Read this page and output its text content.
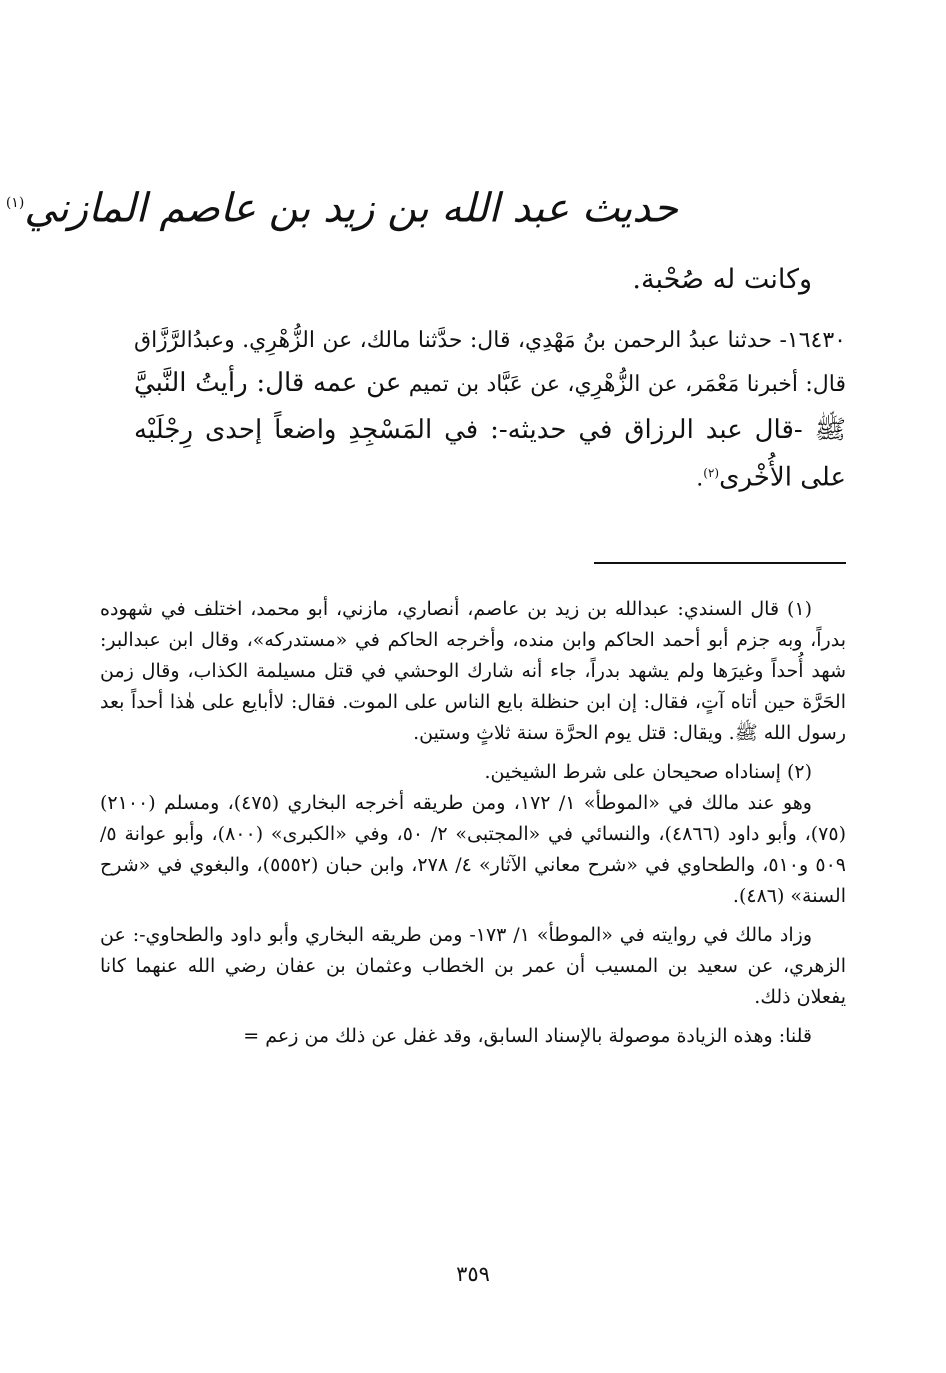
حديث عبد الله بن زيد بن عاصم المازني$^{(١)}$
وكانت له صُحْبة.
١٦٤٣٠- حدثنا عبدُ الرحمن بنُ مَهْدِي، قال: حدَّثنا مالك، عن الزُّهْرِي. وعبدُالرَّزَّاق قال: أخبرنا مَعْمَر، عن الزُّهْرِي، عن عَبَّاد بن تميم عن عمه قال: رأيتُ النَّبيَّ ﷺ -قال عبد الرزاق في حديثه-: في المَسْجِدِ واضعاً إحدى رِجْلَيْه على الأُخْرى$^{(٢)}$.

(١) قال السندي: عبدالله بن زيد بن عاصم، أنصاري، مازني، أبو محمد، اختلف في شهوده بدراً، وبه جزم أبو أحمد الحاكم وابن منده، وأخرجه الحاكم في «مستدركه»، وقال ابن عبدالبر: شهد أُحداً وغيرَها ولم يشهد بدراً، جاء أنه شارك الوحشي في قتل مسيلمة الكذاب، وقال زمن الحَرَّة حين أتاه آتٍ، فقال: إن ابن حنظلة بايع الناس على الموت. فقال: لاأبايع على هٰذا أحداً بعد رسول الله ﷺ. ويقال: قتل يوم الحرَّة سنة ثلاثٍ وستين.

(٢) إسناداه صحيحان على شرط الشيخين.

وهو عند مالك في «الموطأ» ١/ ١٧٢، ومن طريقه أخرجه البخاري (٤٧٥)، ومسلم (٢١٠٠) (٧٥)، وأبو داود (٤٨٦٦)، والنسائي في «المجتبى» ٢/ ٥٠، وفي «الكبرى» (٨٠٠)، وأبو عوانة ٥/ ٥٠٩ و٥١٠، والطحاوي في «شرح معاني الآثار» ٤/ ٢٧٨، وابن حبان (٥٥٥٢)، والبغوي في «شرح السنة» (٤٨٦).

وزاد مالك في روايته في «الموطأ» ١/ ١٧٣- ومن طريقه البخاري وأبو داود والطحاوي-: عن الزهري، عن سعيد بن المسيب أن عمر بن الخطاب وعثمان بن عفان رضي الله عنهما كانا يفعلان ذلك.

قلنا: وهذه الزيادة موصولة بالإسناد السابق، وقد غفل عن ذلك من زعم =

٣٥٩
